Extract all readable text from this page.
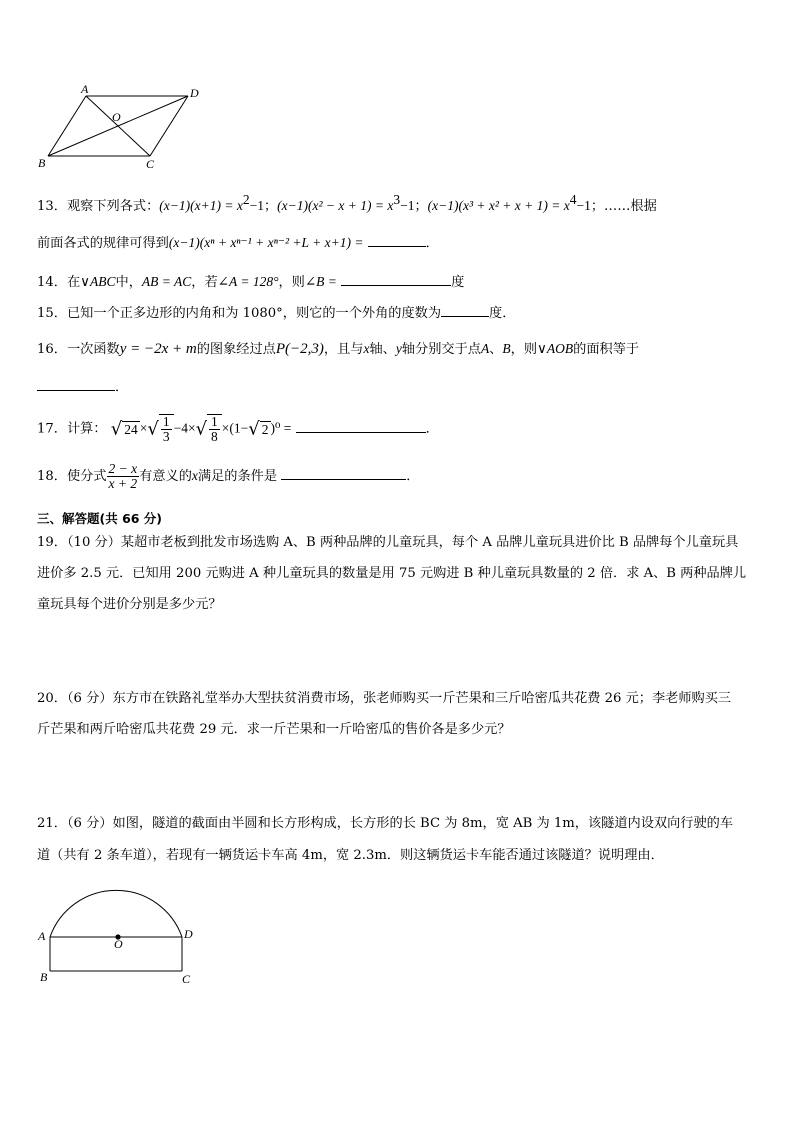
A	D
O
B	C
13．观察下列各式：$(x-1)(x+1) = x^2-1$；$(x-1)(x^2 - x + 1) = x^3-1$；$(x-1)(x^3 + x^2 + x + 1) = x^4-1$；……根据
前面各式的规律可得到(x−1)(xⁿ + xⁿ⁻¹ + xⁿ⁻² +L + x+1) =	．
14．在∨ABC中，AB = AC，若∠A = 128°，则∠B =	度
15．已知一个正多边形的内角和为 1080°，则它的一个外角的度数为	度．
16．一次函数y = −2x + m的图象经过点P(−2,3)，且与x轴、y轴分别交于点A、B，则∨AOB的面积等于
．
17．计算： √ 24 ×√ $\frac{1}{3} -4\times√ \frac{1}{8} \times(1-√$ 2 )⁰ =	．
18．使分式 $\frac{2 - x}{x + 2}$ 有意义的x满足的条件是	．
三、解答题(共 66 分)
19．（10 分）某超市老板到批发市场选购 A、B 两种品牌的儿童玩具，每个 A 品牌儿童玩具进价比 B 品牌每个儿童玩具
进价多 2.5 元．已知用 200 元购进 A 种儿童玩具的数量是用 75 元购进 B 种儿童玩具数量的 2 倍．求 A、B 两种品牌儿
童玩具每个进价分别是多少元？
20．（6 分）东方市在铁路礼堂举办大型扶贫消费市场，张老师购买一斤芒果和三斤哈密瓜共花费 26 元；李老师购买三
斤芒果和两斤哈密瓜共花费 29 元．求一斤芒果和一斤哈密瓜的售价各是多少元？
21．（6 分）如图，隧道的截面由半圆和长方形构成，长方形的长 BC 为 8m，宽 AB 为 1m，该隧道内设双向行驶的车
道（共有 2 条车道），若现有一辆货运卡车高 4m，宽 2.3m．则这辆货运卡车能否通过该隧道？说明理由．
A	D
O
B	C
